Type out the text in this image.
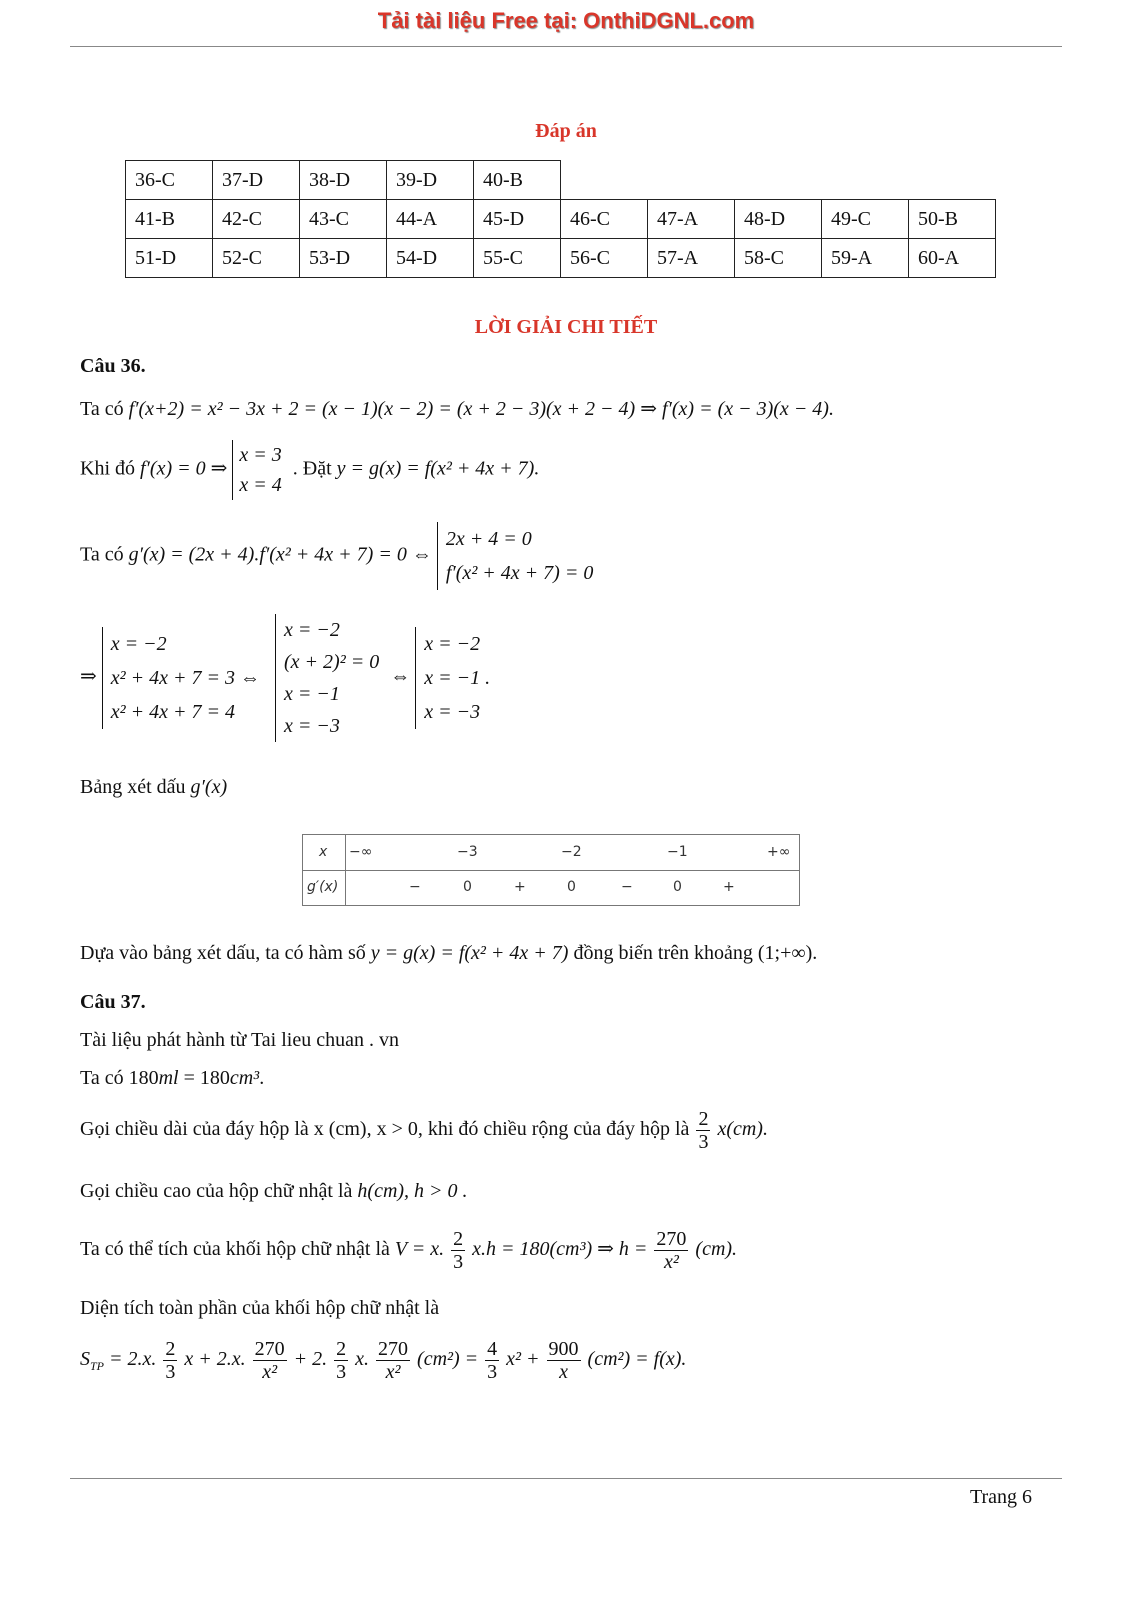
Tải tài liệu Free tại: OnthiDGNL.com
Đáp án
36-C	37-D	38-D	39-D	40-B					
41-B	42-C	43-C	44-A	45-D	46-C	47-A	48-D	49-C	50-B
51-D	52-C	53-D	54-D	55-C	56-C	57-A	58-C	59-A	60-A
LỜI GIẢI CHI TIẾT
Câu 36.
Ta có f′(x+2) = x² − 3x + 2 = (x − 1)(x − 2) = (x + 2 − 3)(x + 2 − 4) ⇒ f′(x) = (x − 3)(x − 4).
Khi đó f′(x) = 0 ⇒
x = 3
x = 4
. Đặt y = g(x) = f(x² + 4x + 7).
Ta có g′(x) = (2x + 4).f′(x² + 4x + 7) = 0 ⇔
2x + 4 = 0
f′(x² + 4x + 7) = 0
⇒
x = −2
x² + 4x + 7 = 3 ⇔
x² + 4x + 7 = 4

x = −2
(x + 2)² = 0
x = −1
x = −3
⇔
x = −2
x = −1 .
x = −3
Bảng xét dấu g′(x)
x −∞	−3	−2	−1	+∞
g′(x)	−	0	+	0	−	0	+
Dựa vào bảng xét dấu, ta có hàm số y = g(x) = f(x² + 4x + 7) đồng biến trên khoảng (1;+∞).
Câu 37.
Tài liệu phát hành từ Tai lieu chuan . vn
Ta có 180ml = 180cm³.
Gọi chiều dài của đáy hộp là x (cm), x > 0, khi đó chiều rộng của đáy hộp là $\frac{2}{3} x(cm)$.
Gọi chiều cao của hộp chữ nhật là h(cm), h > 0 .
Ta có thể tích của khối hộp chữ nhật là V = x. $\frac{2}{3} x.h = 180(cm^3)$ ⇒ $h = \frac{270}{\text{x²}} (cm)$.
Diện tích toàn phần của khối hộp chữ nhật là
$S_{TP} = 2.x$. $\frac{2}{3}$ x + 2.x. $\frac{270}{\text{x²}} + 2$. $\frac{2}{3} x$. $\frac{270}{\text{x²}} (cm^2) = \frac{4}{3} x^2 + \frac{900}{x} (cm^2) = f(x)$.
Trang 6
